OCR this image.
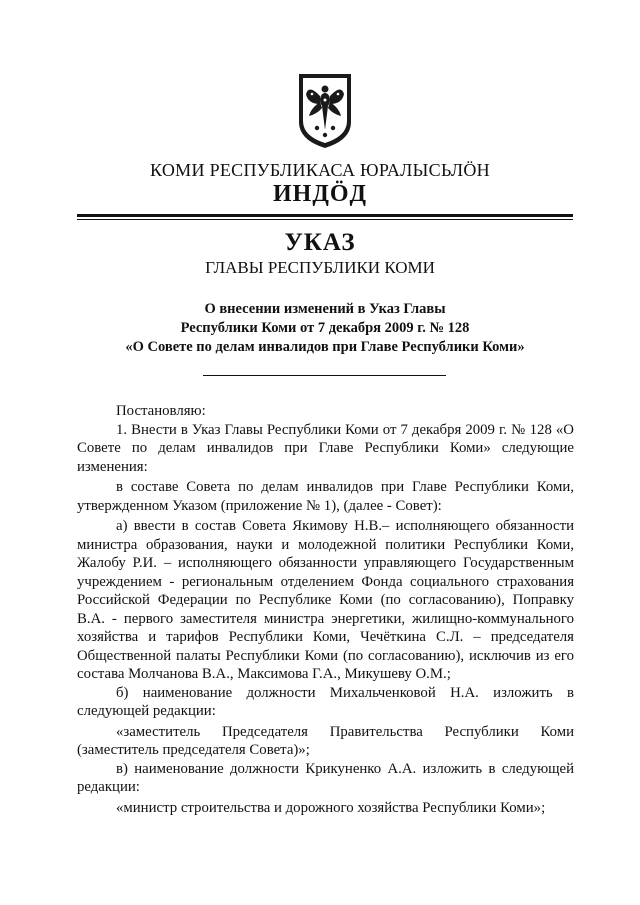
КОМИ РЕСПУБЛИКАСА ЮРАЛЫСЬЛÖН
ИНДÖД
УКАЗ
ГЛАВЫ РЕСПУБЛИКИ КОМИ
О внесении изменений в Указ Главы
Республики Коми от 7 декабря 2009 г. № 128
«О Совете по делам инвалидов при Главе Республики Коми»

Постановляю:

1. Внести в Указ Главы Республики Коми от 7 декабря 2009 г. № 128 «О Совете по делам инвалидов при Главе Республики Коми» следующие изменения:

в составе Совета по делам инвалидов при Главе Республики Коми, утвержденном Указом (приложение № 1), (далее - Совет):

а) ввести в состав Совета Якимову Н.В.– исполняющего обязанности министра образования, науки и молодежной политики Республики Коми, Жалобу Р.И. – исполняющего обязанности управляющего Государственным учреждением - региональным отделением Фонда социального страхования Российской Федерации по Республике Коми (по согласованию), Поправку В.А. - первого заместителя министра энергетики, жилищно-коммунального хозяйства и тарифов Республики Коми, Чечёткина С.Л. – председателя Общественной палаты Республики Коми (по согласованию), исключив из его состава Молчанова В.А., Максимова Г.А., Микушеву О.М.;

б) наименование должности Михальченковой Н.А. изложить в следующей редакции:

«заместитель Председателя Правительства Республики Коми (заместитель председателя Совета)»;

в) наименование должности Крикуненко А.А. изложить в следующей редакции:

«министр строительства и дорожного хозяйства Республики Коми»;
